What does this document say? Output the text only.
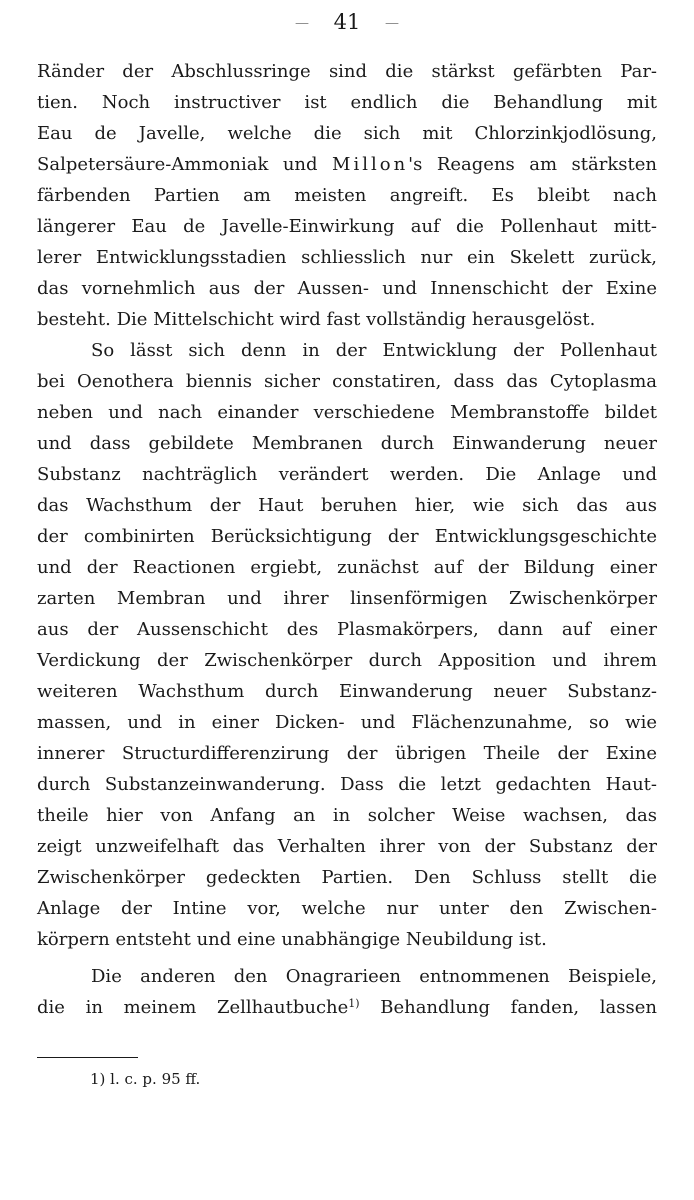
— 41 —
Ränder der Abschlussringe sind die stärkst gefärbten Par-
tien. Noch instructiver ist endlich die Behandlung mit
Eau de Javelle, welche die sich mit Chlorzinkjodlösung,
Salpetersäure-Ammoniak und Millon's Reagens am stärksten
färbenden Partien am meisten angreift. Es bleibt nach
längerer Eau de Javelle-Einwirkung auf die Pollenhaut mitt-
lerer Entwicklungsstadien schliesslich nur ein Skelett zurück,
das vornehmlich aus der Aussen- und Innenschicht der Exine
besteht. Die Mittelschicht wird fast vollständig herausgelöst.
So lässt sich denn in der Entwicklung der Pollenhaut
bei Oenothera biennis sicher constatiren, dass das Cytoplasma
neben und nach einander verschiedene Membranstoffe bildet
und dass gebildete Membranen durch Einwanderung neuer
Substanz nachträglich verändert werden. Die Anlage und
das Wachsthum der Haut beruhen hier, wie sich das aus
der combinirten Berücksichtigung der Entwicklungsgeschichte
und der Reactionen ergiebt, zunächst auf der Bildung einer
zarten Membran und ihrer linsenförmigen Zwischenkörper
aus der Aussenschicht des Plasmakörpers, dann auf einer
Verdickung der Zwischenkörper durch Apposition und ihrem
weiteren Wachsthum durch Einwanderung neuer Substanz-
massen, und in einer Dicken- und Flächenzunahme, so wie
innerer Structurdifferenzirung der übrigen Theile der Exine
durch Substanzeinwanderung. Dass die letzt gedachten Haut-
theile hier von Anfang an in solcher Weise wachsen, das
zeigt unzweifelhaft das Verhalten ihrer von der Substanz der
Zwischenkörper gedeckten Partien. Den Schluss stellt die
Anlage der Intine vor, welche nur unter den Zwischen-
körpern entsteht und eine unabhängige Neubildung ist.
Die anderen den Onagrarieen entnommenen Beispiele,
die in meinem Zellhautbuche$^{1)}$ Behandlung fanden, lassen
1) l. c. p. 95 ff.
